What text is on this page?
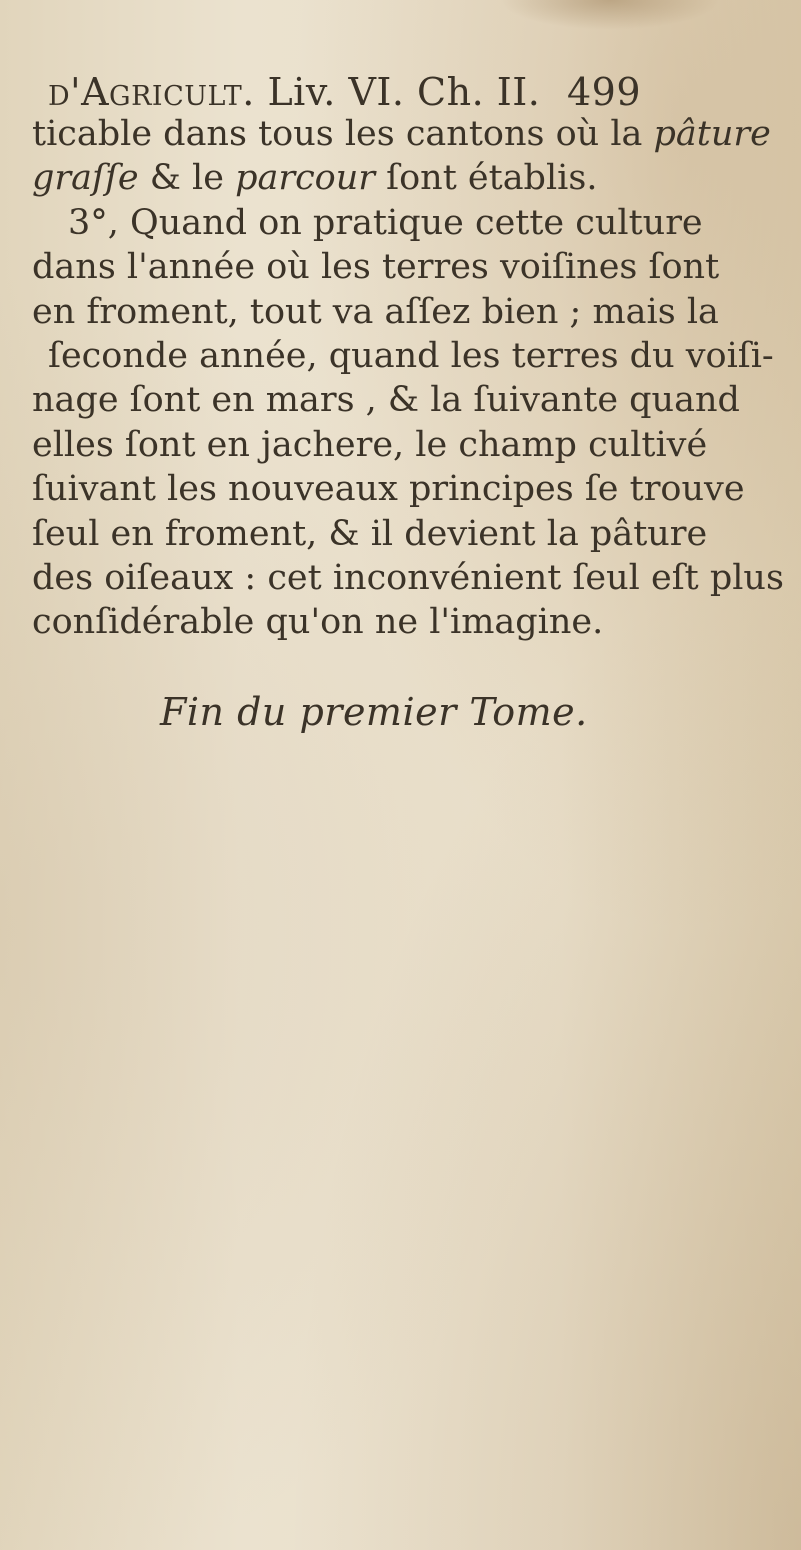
d'Agricult. Liv. VI. Ch. II. 499
ticable dans tous les cantons où la pâture
graſſe & le parcour ſont établis.
3°, Quand on pratique cette culture
dans l'année où les terres voiſines ſont
en froment, tout va aſſez bien ; mais la
ſeconde année, quand les terres du voiſi-
nage ſont en mars , & la ſuivante quand
elles ſont en jachere, le champ cultivé
ſuivant les nouveaux principes ſe trouve
ſeul en froment, & il devient la pâture
des oiſeaux : cet inconvénient ſeul eſt plus
conſidérable qu'on ne l'imagine.
Fin du premier Tome.
